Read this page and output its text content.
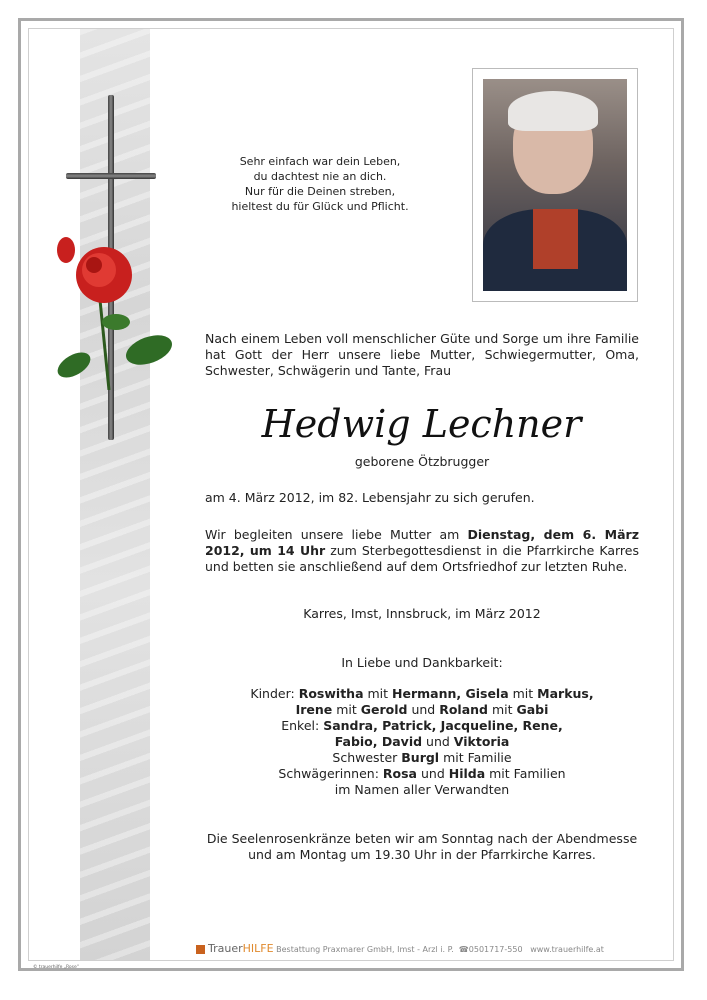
Sehr einfach war dein Leben,
du dachtest nie an dich.
Nur für die Deinen streben,
hieltest du für Glück und Pflicht.
Nach einem Leben voll menschlicher Güte und Sorge um ihre Familie hat Gott der Herr unsere liebe Mutter, Schwiegermutter, Oma, Schwester, Schwägerin und Tante, Frau
Hedwig Lechner
geborene Ötzbrugger
am 4. März 2012, im 82. Lebensjahr zu sich gerufen.
Wir begleiten unsere liebe Mutter am Dienstag, dem 6. März 2012, um 14 Uhr zum Sterbegottesdienst in die Pfarrkirche Karres und betten sie anschließend auf dem Ortsfriedhof zur letzten Ruhe.
Karres, Imst, Innsbruck, im März 2012
In Liebe und Dankbarkeit:
Kinder: Roswitha mit Hermann, Gisela mit Markus,
Irene mit Gerold und Roland mit Gabi
Enkel: Sandra, Patrick, Jacqueline, Rene,
Fabio, David und Viktoria
Schwester Burgl mit Familie
Schwägerinnen: Rosa und Hilda mit Familien
im Namen aller Verwandten
Die Seelenrosenkränze beten wir am Sonntag nach der Abendmesse
und am Montag um 19.30 Uhr in der Pfarrkirche Karres.
TrauerHILFE Bestattung Praxmarer GmbH, Imst - Arzl i. P. ☎0501717-550 www.trauerhilfe.at
© trauerhilfe „Rose“
